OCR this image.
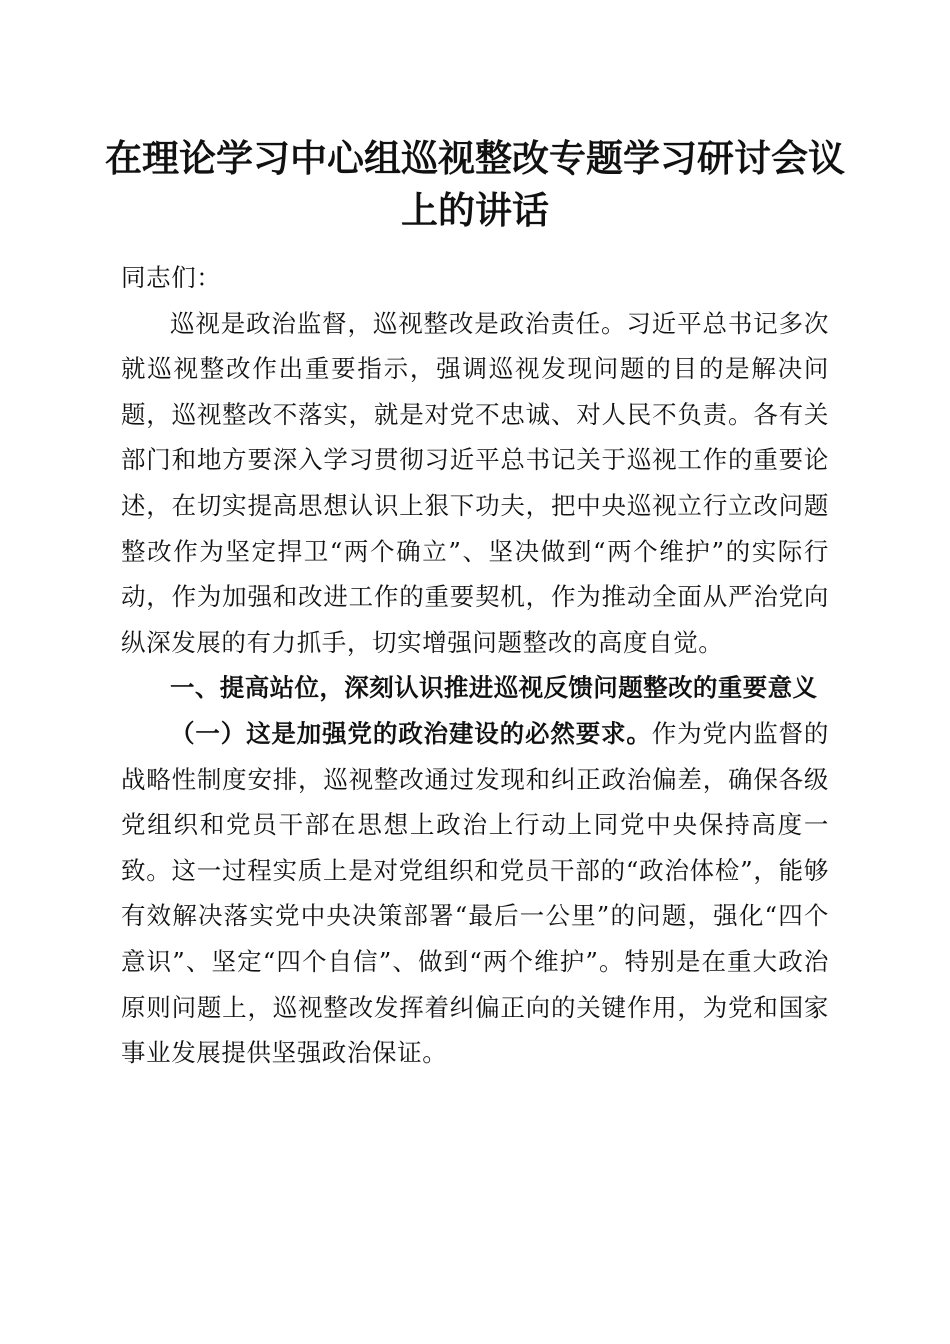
在理论学习中心组巡视整改专题学习研讨会议
上的讲话

同志们：

巡视是政治监督，巡视整改是政治责任。习近平总书记多次就巡视整改作出重要指示，强调巡视发现问题的目的是解决问题，巡视整改不落实，就是对党不忠诚、对人民不负责。各有关部门和地方要深入学习贯彻习近平总书记关于巡视工作的重要论述，在切实提高思想认识上狠下功夫，把中央巡视立行立改问题整改作为坚定捍卫“两个确立”、坚决做到“两个维护”的实际行动，作为加强和改进工作的重要契机，作为推动全面从严治党向纵深发展的有力抓手，切实增强问题整改的高度自觉。

一、提高站位，深刻认识推进巡视反馈问题整改的重要意义

（一）这是加强党的政治建设的必然要求。作为党内监督的战略性制度安排，巡视整改通过发现和纠正政治偏差，确保各级党组织和党员干部在思想上政治上行动上同党中央保持高度一致。这一过程实质上是对党组织和党员干部的“政治体检”，能够有效解决落实党中央决策部署“最后一公里”的问题，强化“四个意识”、坚定“四个自信”、做到“两个维护”。特别是在重大政治原则问题上，巡视整改发挥着纠偏正向的关键作用，为党和国家事业发展提供坚强政治保证。
